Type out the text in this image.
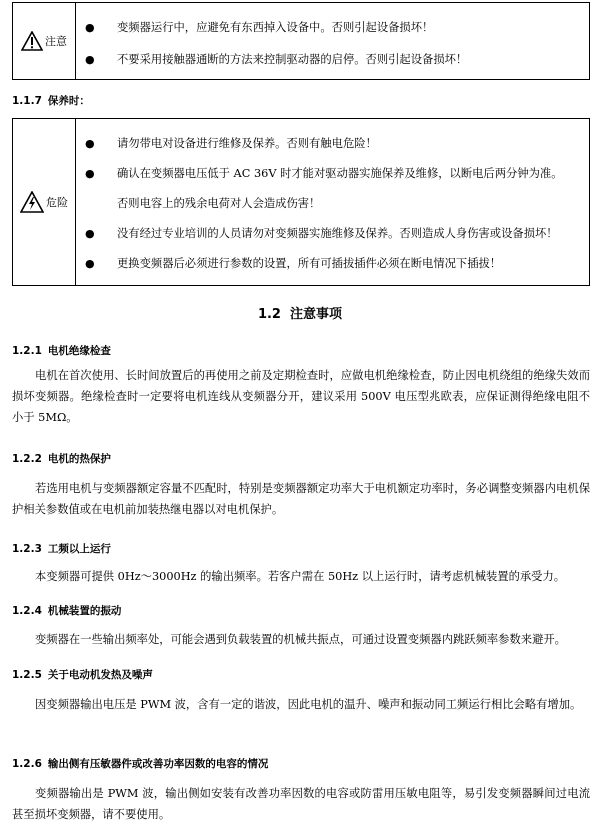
注意

● 变频器运行中，应避免有东西掉入设备中。否则引起设备损坏！
● 不要采用接触器通断的方法来控制驱动器的启停。否则引起设备损坏！
1.1.7 保养时：
危险

● 请勿带电对设备进行维修及保养。否则有触电危险！
● 确认在变频器电压低于 AC 36V 时才能对驱动器实施保养及维修，以断电后两分钟为准。
否则电容上的残余电荷对人会造成伤害！
● 没有经过专业培训的人员请勿对变频器实施维修及保养。否则造成人身伤害或设备损坏！
● 更换变频器后必须进行参数的设置，所有可插拔插件必须在断电情况下插拔！
1.2 注意事项
1.2.1 电机绝缘检查
电机在首次使用、长时间放置后的再使用之前及定期检查时，应做电机绝缘检查，防止因电机绕组的绝缘失效而损坏变频器。绝缘检查时一定要将电机连线从变频器分开，建议采用 500V 电压型兆欧表，应保证测得绝缘电阻不小于 5MΩ。
1.2.2 电机的热保护
若选用电机与变频器额定容量不匹配时，特别是变频器额定功率大于电机额定功率时，务必调整变频器内电机保护相关参数值或在电机前加装热继电器以对电机保护。
1.2.3 工频以上运行
本变频器可提供 0Hz～3000Hz 的输出频率。若客户需在 50Hz 以上运行时，请考虑机械装置的承受力。
1.2.4 机械装置的振动
变频器在一些输出频率处，可能会遇到负载装置的机械共振点，可通过设置变频器内跳跃频率参数来避开。
1.2.5 关于电动机发热及噪声
因变频器输出电压是 PWM 波，含有一定的谐波，因此电机的温升、噪声和振动同工频运行相比会略有增加。
1.2.6 输出侧有压敏器件或改善功率因数的电容的情况
变频器输出是 PWM 波，输出侧如安装有改善功率因数的电容或防雷用压敏电阻等，易引发变频器瞬间过电流甚至损坏变频器，请不要使用。
